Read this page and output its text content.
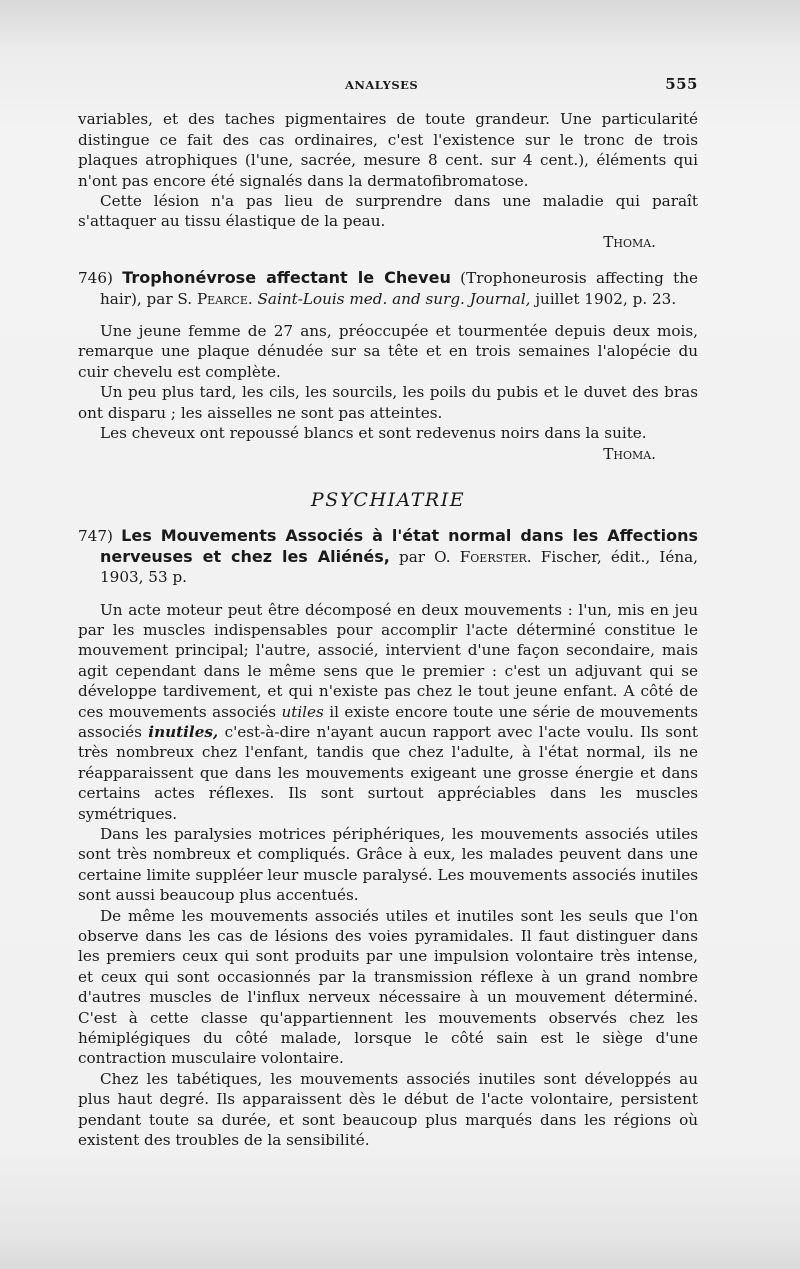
ANALYSES	555

variables, et des taches pigmentaires de toute grandeur. Une particularité distingue ce fait des cas ordinaires, c'est l'existence sur le tronc de trois plaques atrophiques (l'une, sacrée, mesure 8 cent. sur 4 cent.), éléments qui n'ont pas encore été signalés dans la dermatofibromatose.

Cette lésion n'a pas lieu de surprendre dans une maladie qui paraît s'attaquer au tissu élastique de la peau.

Thoma.
746) Trophonévrose affectant le Cheveu (Trophoneurosis affecting the hair), par S. Pearce. Saint-Louis med. and surg. Journal, juillet 1902, p. 23.

Une jeune femme de 27 ans, préoccupée et tourmentée depuis deux mois, remarque une plaque dénudée sur sa tête et en trois semaines l'alopécie du cuir chevelu est complète.

Un peu plus tard, les cils, les sourcils, les poils du pubis et le duvet des bras ont disparu ; les aisselles ne sont pas atteintes.

Les cheveux ont repoussé blancs et sont redevenus noirs dans la suite.

Thoma.
PSYCHIATRIE
747) Les Mouvements Associés à l'état normal dans les Affections nerveuses et chez les Aliénés, par O. Foerster. Fischer, édit., Iéna, 1903, 53 p.

Un acte moteur peut être décomposé en deux mouvements : l'un, mis en jeu par les muscles indispensables pour accomplir l'acte déterminé constitue le mouvement principal; l'autre, associé, intervient d'une façon secondaire, mais agit cependant dans le même sens que le premier : c'est un adjuvant qui se développe tardivement, et qui n'existe pas chez le tout jeune enfant. A côté de ces mouvements associés utiles il existe encore toute une série de mouvements associés inutiles, c'est-à-dire n'ayant aucun rapport avec l'acte voulu. Ils sont très nombreux chez l'enfant, tandis que chez l'adulte, à l'état normal, ils ne réapparaissent que dans les mouvements exigeant une grosse énergie et dans certains actes réflexes. Ils sont surtout appréciables dans les muscles symétriques.

Dans les paralysies motrices périphériques, les mouvements associés utiles sont très nombreux et compliqués. Grâce à eux, les malades peuvent dans une certaine limite suppléer leur muscle paralysé. Les mouvements associés inutiles sont aussi beaucoup plus accentués.

De même les mouvements associés utiles et inutiles sont les seuls que l'on observe dans les cas de lésions des voies pyramidales. Il faut distinguer dans les premiers ceux qui sont produits par une impulsion volontaire très intense, et ceux qui sont occasionnés par la transmission réflexe à un grand nombre d'autres muscles de l'influx nerveux nécessaire à un mouvement déterminé. C'est à cette classe qu'appartiennent les mouvements observés chez les hémiplégiques du côté malade, lorsque le côté sain est le siège d'une contraction musculaire volontaire.

Chez les tabétiques, les mouvements associés inutiles sont développés au plus haut degré. Ils apparaissent dès le début de l'acte volontaire, persistent pendant toute sa durée, et sont beaucoup plus marqués dans les régions où existent des troubles de la sensibilité.
